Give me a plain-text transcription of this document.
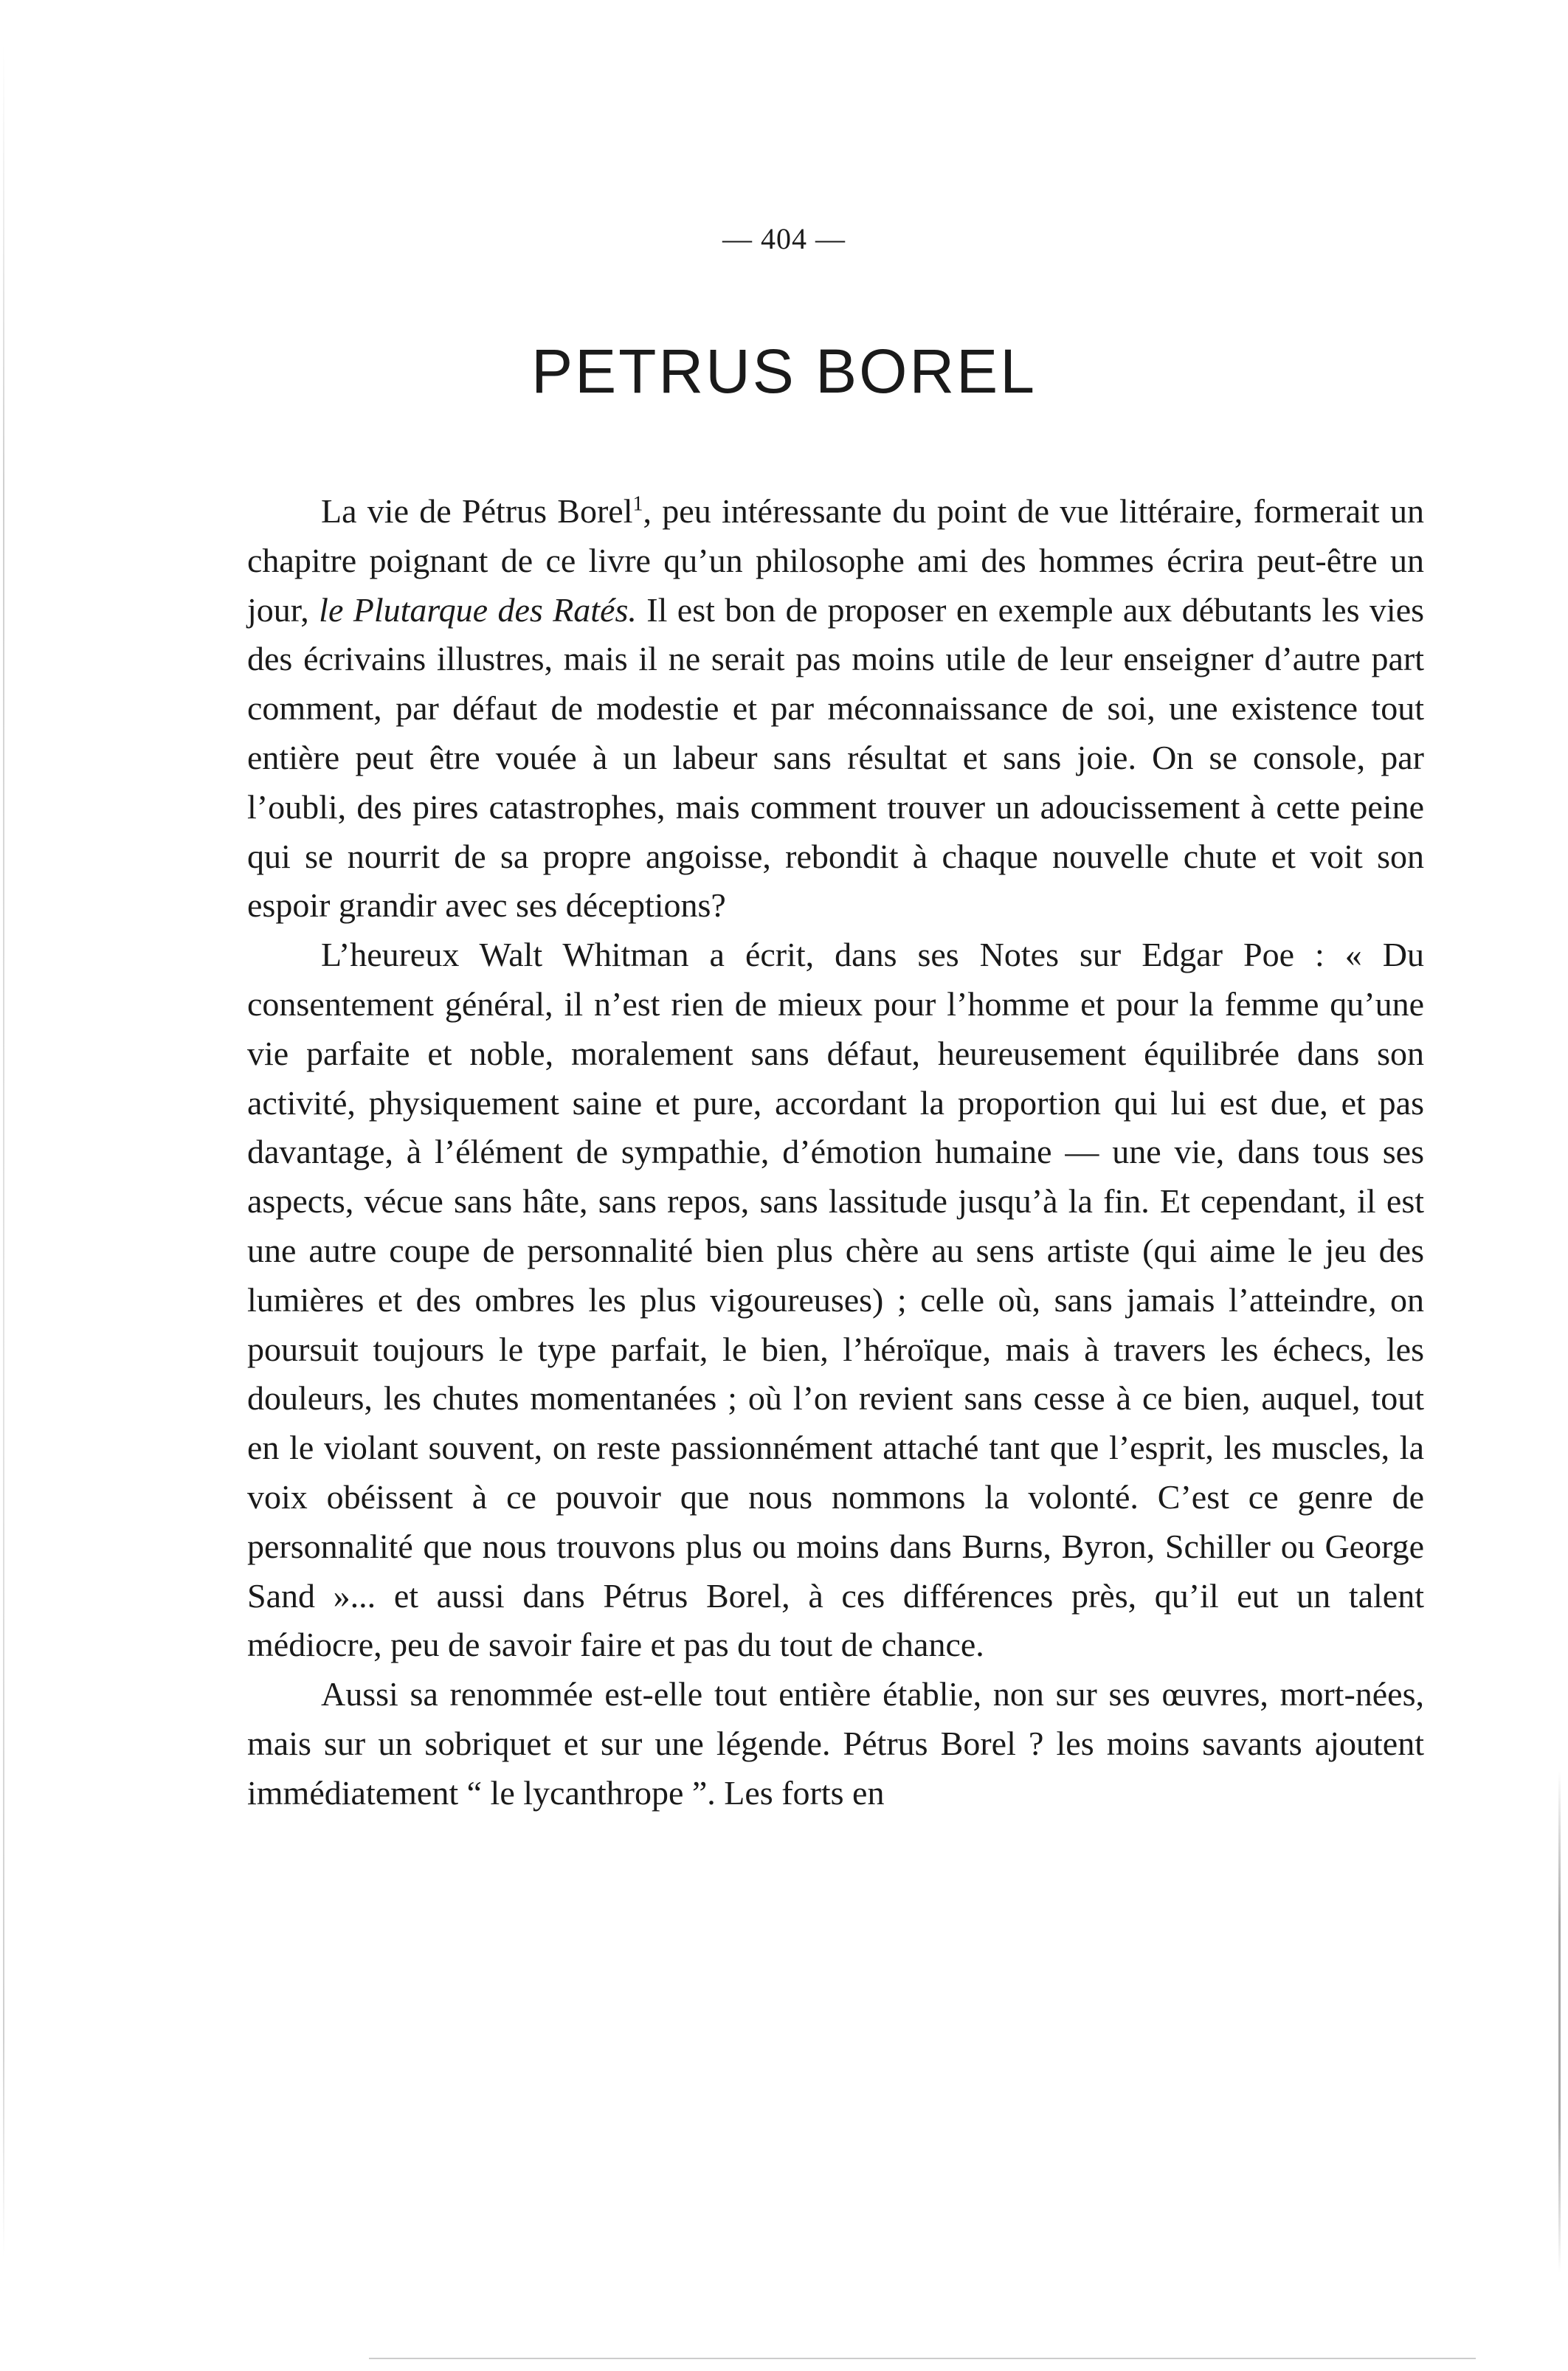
— 404 —
PETRUS BOREL

La vie de Pétrus Borel$^1$, peu intéressante du point de vue littéraire, formerait un chapitre poignant de ce livre qu’un philosophe ami des hommes écrira peut-être un jour, le Plutarque des Ratés. Il est bon de proposer en exemple aux débutants les vies des écrivains illustres, mais il ne serait pas moins utile de leur enseigner d’autre part comment, par défaut de modestie et par méconnaissance de soi, une existence tout entière peut être vouée à un labeur sans résultat et sans joie. On se console, par l’oubli, des pires catastrophes, mais comment trouver un adoucissement à cette peine qui se nourrit de sa propre angoisse, rebondit à chaque nouvelle chute et voit son espoir grandir avec ses déceptions?

L’heureux Walt Whitman a écrit, dans ses Notes sur Edgar Poe : « Du consentement général, il n’est rien de mieux pour l’homme et pour la femme qu’une vie parfaite et noble, moralement sans défaut, heureusement équilibrée dans son activité, physiquement saine et pure, accordant la proportion qui lui est due, et pas davantage, à l’élément de sympathie, d’émotion humaine — une vie, dans tous ses aspects, vécue sans hâte, sans repos, sans lassitude jusqu’à la fin. Et cependant, il est une autre coupe de personnalité bien plus chère au sens artiste (qui aime le jeu des lumières et des ombres les plus vigoureuses) ; celle où, sans jamais l’atteindre, on poursuit toujours le type parfait, le bien, l’héroïque, mais à travers les échecs, les douleurs, les chutes momentanées ; où l’on revient sans cesse à ce bien, auquel, tout en le violant souvent, on reste passionnément attaché tant que l’esprit, les muscles, la voix obéissent à ce pouvoir que nous nommons la volonté. C’est ce genre de personnalité que nous trouvons plus ou moins dans Burns, Byron, Schiller ou George Sand »... et aussi dans Pétrus Borel, à ces différences près, qu’il eut un talent médiocre, peu de savoir faire et pas du tout de chance.

Aussi sa renommée est-elle tout entière établie, non sur ses œuvres, mort-nées, mais sur un sobriquet et sur une légende. Pétrus Borel ? les moins savants ajoutent immédiatement “ le lycanthrope ”. Les forts en
